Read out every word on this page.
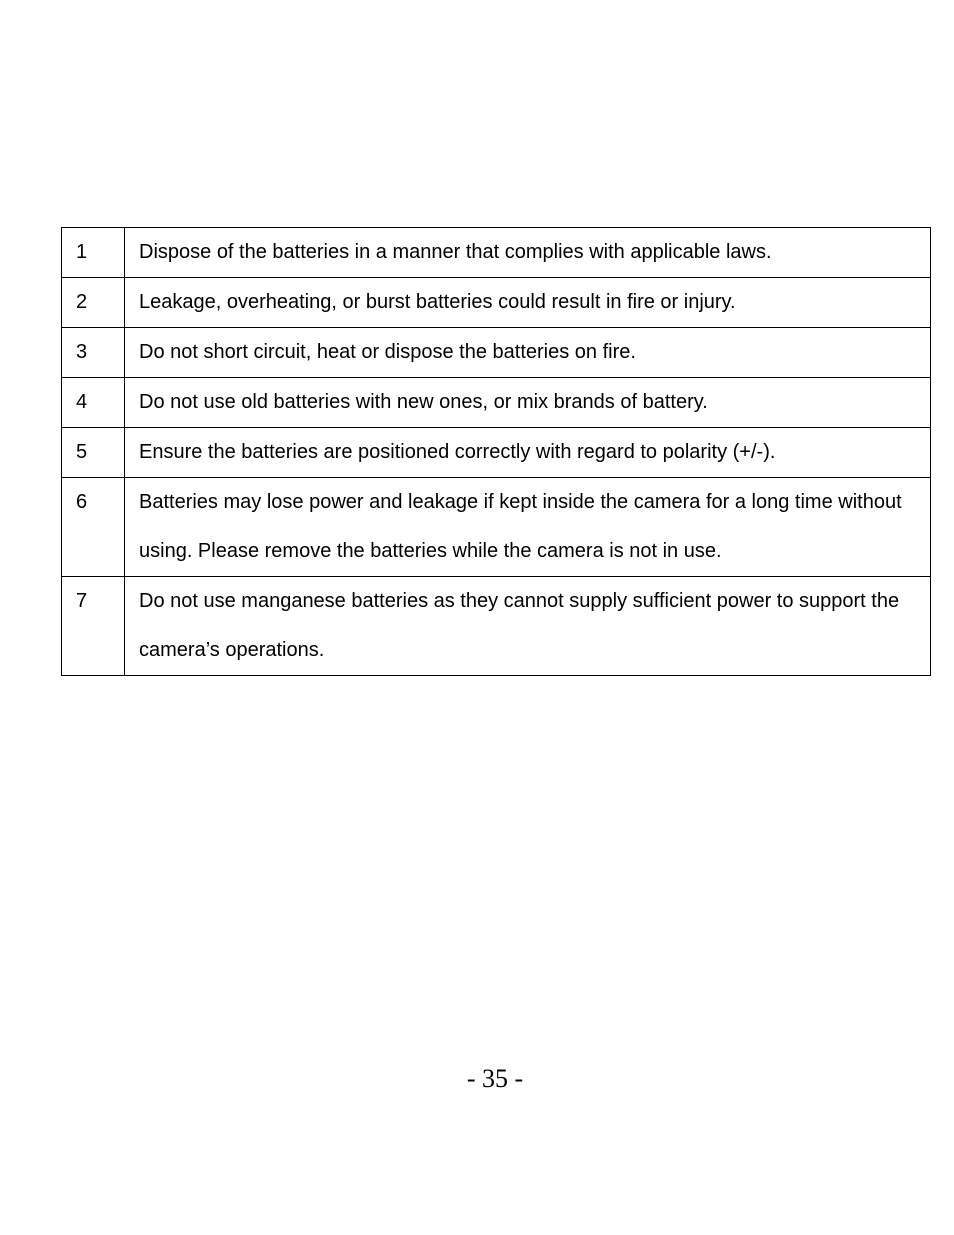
1	Dispose of the batteries in a manner that complies with applicable laws.
2	Leakage, overheating, or burst batteries could result in fire or injury.
3	Do not short circuit, heat or dispose the batteries on fire.
4	Do not use old batteries with new ones, or mix brands of battery.
5	Ensure the batteries are positioned correctly with regard to polarity (+/-).
6	Batteries may lose power and leakage if kept inside the camera for a long time without using. Please remove the batteries while the camera is not in use.
7	Do not use manganese batteries as they cannot supply sufficient power to support the camera’s operations.
- 35 -
